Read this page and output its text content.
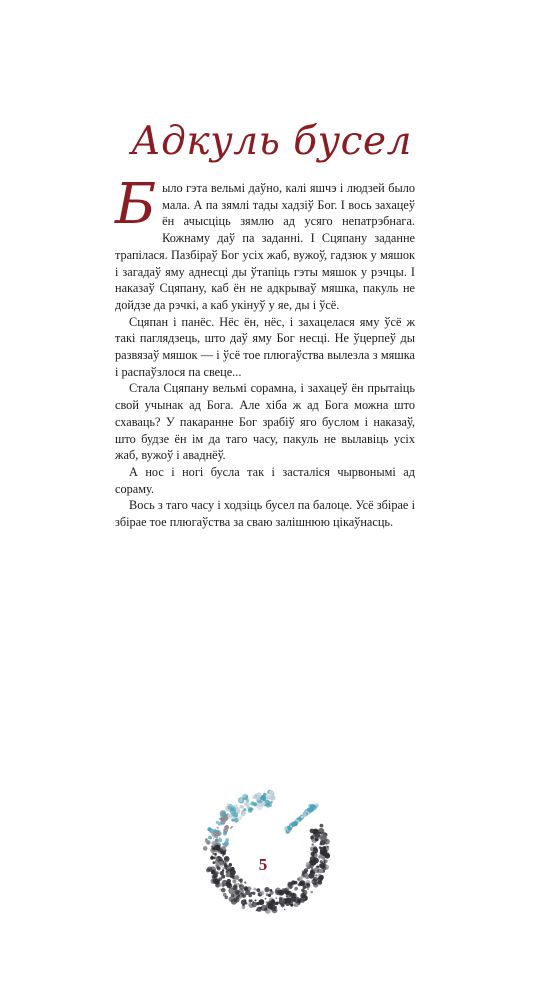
Адкуль бусел

Было гэта вельмі даўно, калі яшчэ і людзей было мала. А па зямлі тады хадзіў Бог. І вось захацеў ён ачысціць зямлю ад усяго непатрэбнага. Кожнаму даў па заданні. І Сцяпану заданне трапілася. Пазбіраў Бог усіх жаб, вужоў, гадзюк у мяшок і загадаў яму аднесці ды ўтапіць гэты мяшок у рэчцы. І наказаў Сцяпану, каб ён не адкрываў мяшка, пакуль не дойдзе да рэчкі, а каб укінуў у яе, ды і ўсё.

Сцяпан і панёс. Нёс ён, нёс, і захацелася яму ўсё ж такі паглядзець, што даў яму Бог несці. Не ўцерпеў ды развязаў мяшок — і ўсё тое плюгаўства вылезла з мяшка і распаўзлося па свеце...

Стала Сцяпану вельмі сорамна, і захацеў ён прытаіць свой учынак ад Бога. Але хіба ж ад Бога можна што схаваць? У пакаранне Бог зрабіў яго буслом і наказаў, што будзе ён ім да таго часу, пакуль не вылавіць усіх жаб, вужоў і аваднёў.

А нос і ногі бусла так і засталіся чырвонымі ад сораму.

Вось з таго часу і ходзіць бусел па балоце. Усё збірае і збірае тое плюгаўства за сваю залішнюю цікаўнасць.

5
